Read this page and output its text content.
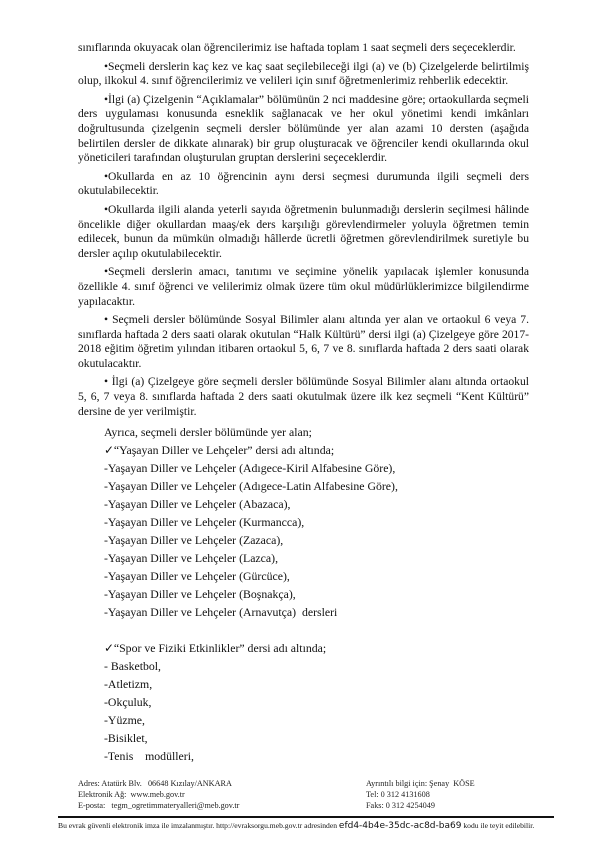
sınıflarında okuyacak olan öğrencilerimiz ise haftada toplam 1 saat seçmeli ders seçeceklerdir.

•Seçmeli derslerin kaç kez ve kaç saat seçilebileceği ilgi (a) ve (b) Çizelgelerde belirtilmiş olup, ilkokul 4. sınıf öğrencilerimiz ve velileri için sınıf öğretmenlerimiz rehberlik edecektir.

•İlgi (a) Çizelgenin “Açıklamalar” bölümünün 2 nci maddesine göre; ortaokullarda seçmeli ders uygulaması konusunda esneklik sağlanacak ve her okul yönetimi kendi imkânları doğrultusunda çizelgenin seçmeli dersler bölümünde yer alan azami 10 dersten (aşağıda belirtilen dersler de dikkate alınarak) bir grup oluşturacak ve öğrenciler kendi okullarında okul yöneticileri tarafından oluşturulan gruptan derslerini seçeceklerdir.

•Okullarda en az 10 öğrencinin aynı dersi seçmesi durumunda ilgili seçmeli ders okutulabilecektir.

•Okullarda ilgili alanda yeterli sayıda öğretmenin bulunmadığı derslerin seçilmesi hâlinde öncelikle diğer okullardan maaş/ek ders karşılığı görevlendirmeler yoluyla öğretmen temin edilecek, bunun da mümkün olmadığı hâllerde ücretli öğretmen görevlendirilmek suretiyle bu dersler açılıp okutulabilecektir.

•Seçmeli derslerin amacı, tanıtımı ve seçimine yönelik yapılacak işlemler konusunda özellikle 4. sınıf öğrenci ve velilerimiz olmak üzere tüm okul müdürlüklerimizce bilgilendirme yapılacaktır.

• Seçmeli dersler bölümünde Sosyal Bilimler alanı altında yer alan ve ortaokul 6 veya 7. sınıflarda haftada 2 ders saati olarak okutulan “Halk Kültürü” dersi ilgi (a) Çizelgeye göre 2017-2018 eğitim öğretim yılından itibaren ortaokul 5, 6, 7 ve 8. sınıflarda haftada 2 ders saati olarak okutulacaktır.

• İlgi (a) Çizelgeye göre seçmeli dersler bölümünde Sosyal Bilimler alanı altında ortaokul 5, 6, 7 veya 8. sınıflarda haftada 2 ders saati okutulmak üzere ilk kez seçmeli “Kent Kültürü” dersine de yer verilmiştir.

Ayrıca, seçmeli dersler bölümünde yer alan;

✓“Yaşayan Diller ve Lehçeler” dersi adı altında;

-Yaşayan Diller ve Lehçeler (Adıgece-Kiril Alfabesine Göre),

-Yaşayan Diller ve Lehçeler (Adıgece-Latin Alfabesine Göre),

-Yaşayan Diller ve Lehçeler (Abazaca),

-Yaşayan Diller ve Lehçeler (Kurmancca),

-Yaşayan Diller ve Lehçeler (Zazaca),

-Yaşayan Diller ve Lehçeler (Lazca),

-Yaşayan Diller ve Lehçeler (Gürcüce),

-Yaşayan Diller ve Lehçeler (Boşnakça),

-Yaşayan Diller ve Lehçeler (Arnavutça)  dersleri

✓“Spor ve Fiziki Etkinlikler” dersi adı altında;

- Basketbol,

-Atletizm,

-Okçuluk,

-Yüzme,

-Bisiklet,

-Tenis    modülleri,

Adres: Atatürk Blv.   06648 Kızılay/ANKARA
Elektronik Ağ:  www.meb.gov.tr
E-posta:   tegm_ogretimmateryalleri@meb.gov.tr
Ayrıntılı bilgi için: Şenay  KÖSE
Tel: 0 312 4131608
Faks: 0 312 4254049
Bu evrak güvenli elektronik imza ile imzalanmıştır. http://evraksorgu.meb.gov.tr adresinden efd4-4b4e-35dc-ac8d-ba69 kodu ile teyit edilebilir.
